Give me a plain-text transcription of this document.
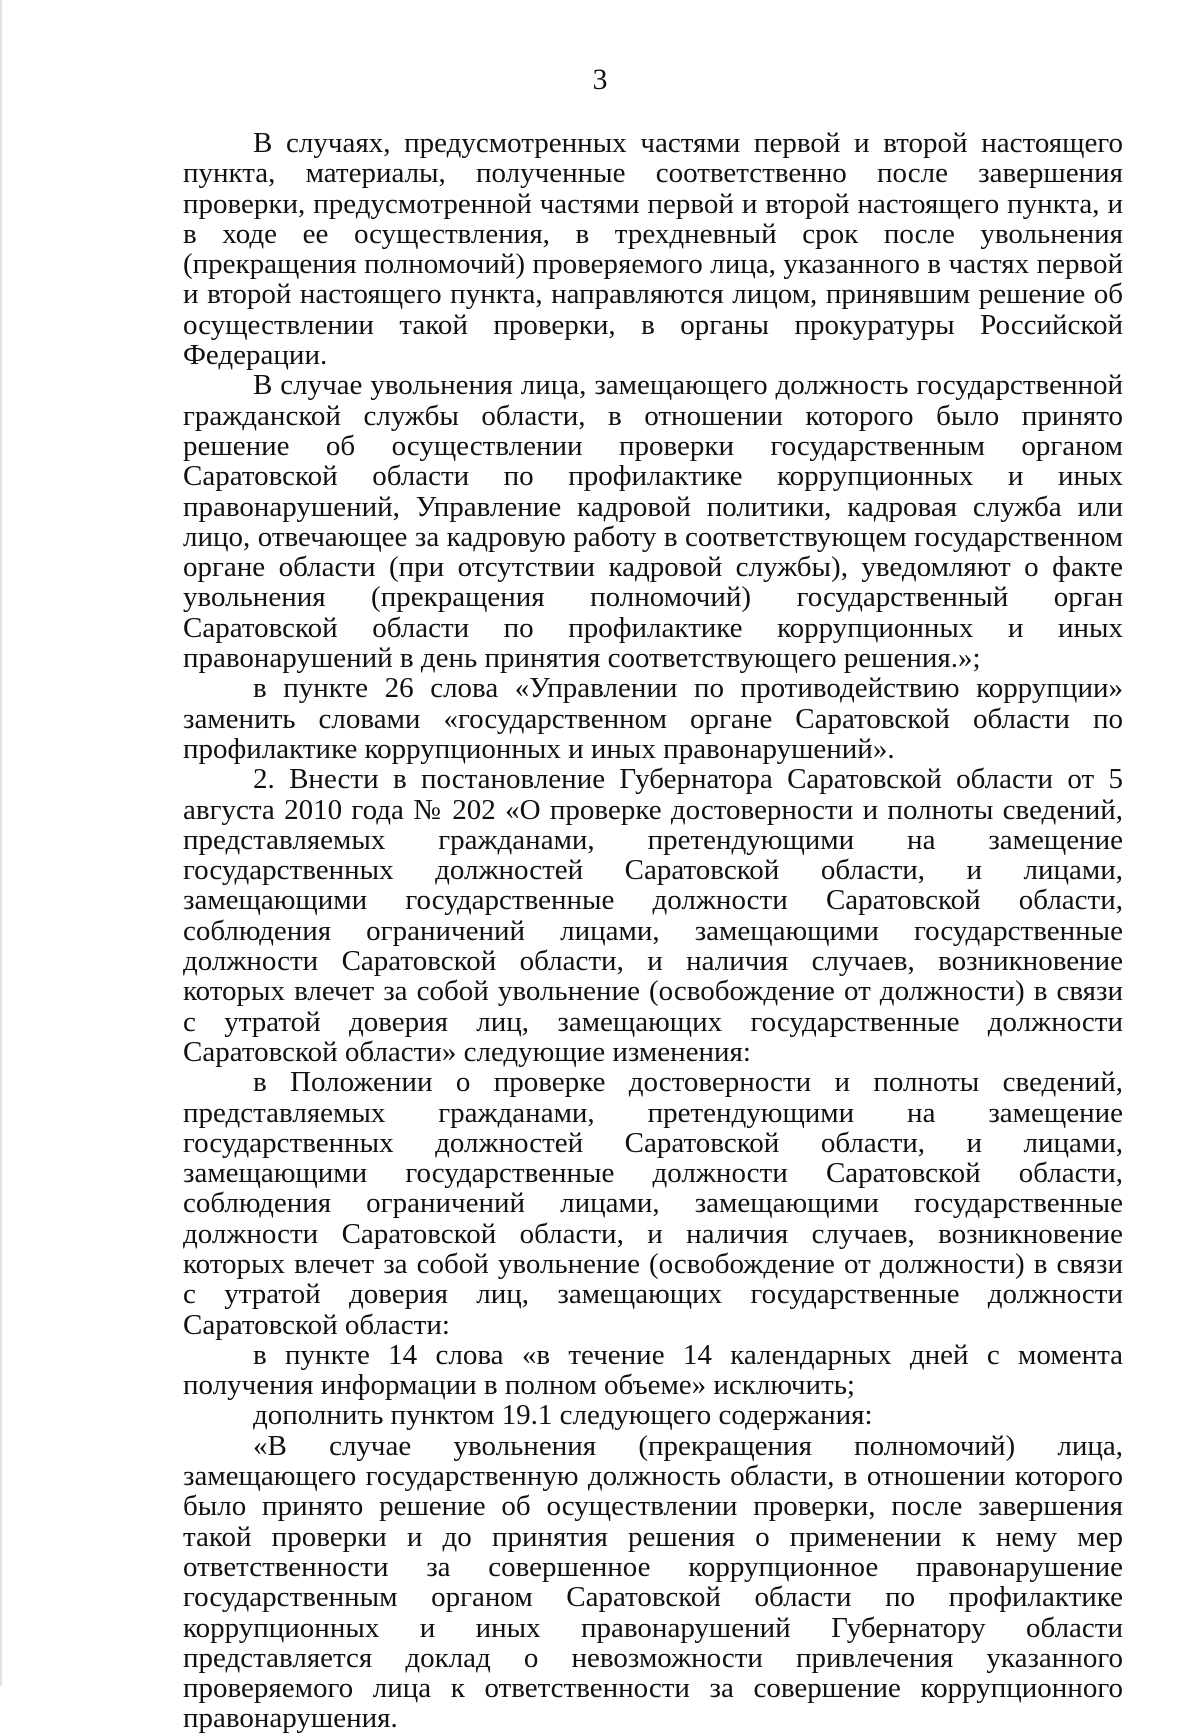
3

В случаях, предусмотренных частями первой и второй настоящего пункта, материалы, полученные соответственно после завершения проверки, предусмотренной частями первой и второй настоящего пункта, и в ходе ее осуществления, в трехдневный срок после увольнения (прекращения полномочий) проверяемого лица, указанного в частях первой и второй настоящего пункта, направляются лицом, принявшим решение об осуществлении такой проверки, в органы прокуратуры Российской Федерации.

В случае увольнения лица, замещающего должность государственной гражданской службы области, в отношении которого было принято решение об осуществлении проверки государственным органом Саратовской области по профилактике коррупционных и иных правонарушений, Управление кадровой политики, кадровая служба или лицо, отвечающее за кадровую работу в соответствующем государственном органе области (при отсутствии кадровой службы), уведомляют о факте увольнения (прекращения полномочий) государственный орган Саратовской области по профилактике коррупционных и иных правонарушений в день принятия соответствующего решения.»;

в пункте 26 слова «Управлении по противодействию коррупции» заменить словами «государственном органе Саратовской области по профилактике коррупционных и иных правонарушений».

2. Внести в постановление Губернатора Саратовской области от 5 августа 2010 года № 202 «О проверке достоверности и полноты сведений, представляемых гражданами, претендующими на замещение государственных должностей Саратовской области, и лицами, замещающими государственные должности Саратовской области, соблюдения ограничений лицами, замещающими государственные должности Саратовской области, и наличия случаев, возникновение которых влечет за собой увольнение (освобождение от должности) в связи с утратой доверия лиц, замещающих государственные должности Саратовской области» следующие изменения:

в Положении о проверке достоверности и полноты сведений, представляемых гражданами, претендующими на замещение государственных должностей Саратовской области, и лицами, замещающими государственные должности Саратовской области, соблюдения ограничений лицами, замещающими государственные должности Саратовской области, и наличия случаев, возникновение которых влечет за собой увольнение (освобождение от должности) в связи с утратой доверия лиц, замещающих государственные должности Саратовской области:

в пункте 14 слова «в течение 14 календарных дней с момента получения информации в полном объеме» исключить;

дополнить пунктом 19.1 следующего содержания:

«В случае увольнения (прекращения полномочий) лица, замещающего государственную должность области, в отношении которого было принято решение об осуществлении проверки, после завершения такой проверки и до принятия решения о применении к нему мер ответственности за совершенное коррупционное правонарушение государственным органом Саратовской области по профилактике коррупционных и иных правонарушений Губернатору области представляется доклад о невозможности привлечения указанного проверяемого лица к ответственности за совершение коррупционного правонарушения.
